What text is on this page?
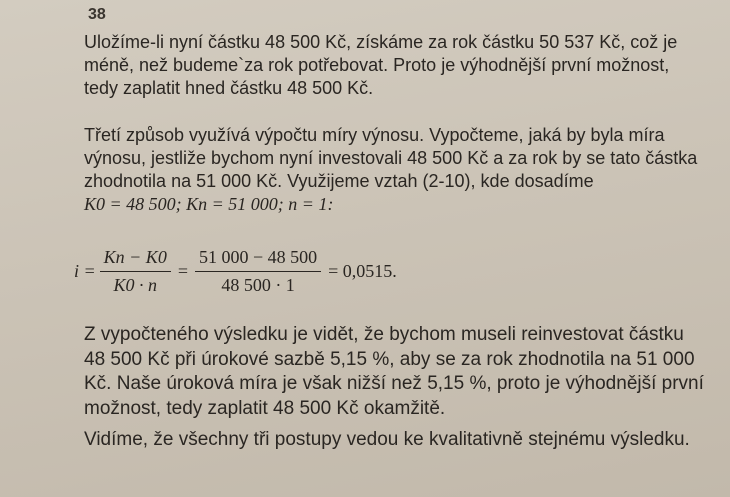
38

Uložíme-li nyní částku 48 500 Kč, získáme za rok částku 50 537 Kč, což je méně, než budeme`za rok potřebovat. Proto je výhodnější první možnost, tedy zaplatit hned částku 48 500 Kč.

Třetí způsob využívá výpočtu míry výnosu. Vypočteme, jaká by byla míra výnosu, jestliže bychom nyní investovali 48 500 Kč a za rok by se tato částka zhodnotila na 51 000 Kč. Využijeme vztah (2-10), kde dosadíme
K0 = 48 500; Kn = 51 000; n = 1:
$i = \frac{Kn - K0}{K0 \cdot n} = \frac{51 000 - 48 500}{48 500 \cdot 1} = 0,0515$.

Z vypočteného výsledku je vidět, že bychom museli reinvestovat částku 48 500 Kč při úrokové sazbě 5,15 %, aby se za rok zhodnotila na 51 000 Kč. Naše úroková míra je však nižší než 5,15 %, proto je výhodnější první možnost, tedy zaplatit 48 500 Kč okamžitě.

Vidíme, že všechny tři postupy vedou ke kvalitativně stejnému výsledku.
